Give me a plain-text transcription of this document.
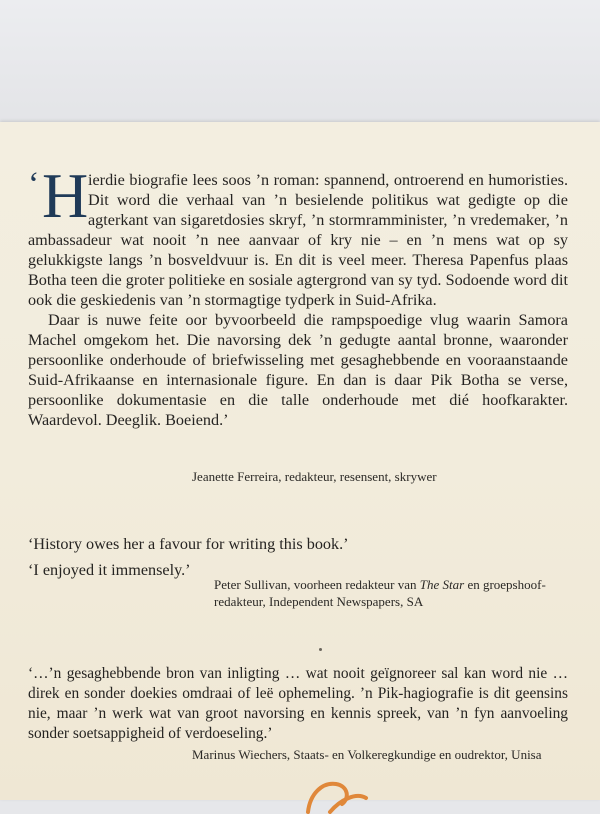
‘ H ierdie biografie lees soos ’n roman: spannend, ontroerend en humoristies. Dit word die verhaal van ’n besielende politikus wat gedigte op die agterkant van sigaretdosies skryf, ’n stormramminister, ’n vredemaker, ’n ambassadeur wat nooit ’n nee aanvaar of kry nie – en ’n mens wat op sy gelukkigste langs ’n bosveldvuur is. En dit is veel meer. Theresa Papenfus plaas Botha teen die groter politieke en sosiale agtergrond van sy tyd. Sodoende word dit ook die geskiedenis van ’n stormagtige tydperk in Suid-Afrika.

Daar is nuwe feite oor byvoorbeeld die rampspoedige vlug waarin Samora Machel omgekom het. Die navorsing dek ’n gedugte aantal bronne, waaronder persoonlike onderhoude of briefwisseling met gesaghebbende en vooraanstaande Suid-Afrikaanse en internasionale figure. En dan is daar Pik Botha se verse, persoonlike dokumentasie en die talle onderhoude met dié hoofkarakter. Waardevol. Deeglik. Boeiend.’

Jeanette Ferreira, redakteur, resensent, skrywer

‘History owes her a favour for writing this book.’

‘I enjoyed it immensely.’

Peter Sullivan, voorheen redakteur van The Star en groepshoof-
redakteur, Independent Newspapers, SA

‘…’n gesaghebbende bron van inligting … wat nooit geïgnoreer sal kan word nie … direk en sonder doekies omdraai of leë ophemeling. ’n Pik-hagiografie is dit geensins nie, maar ’n werk wat van groot navorsing en kennis spreek, van ’n fyn aanvoeling sonder soetsappigheid of verdoeseling.’

Marinus Wiechers, Staats- en Volkeregkundige en oudrektor, Unisa
